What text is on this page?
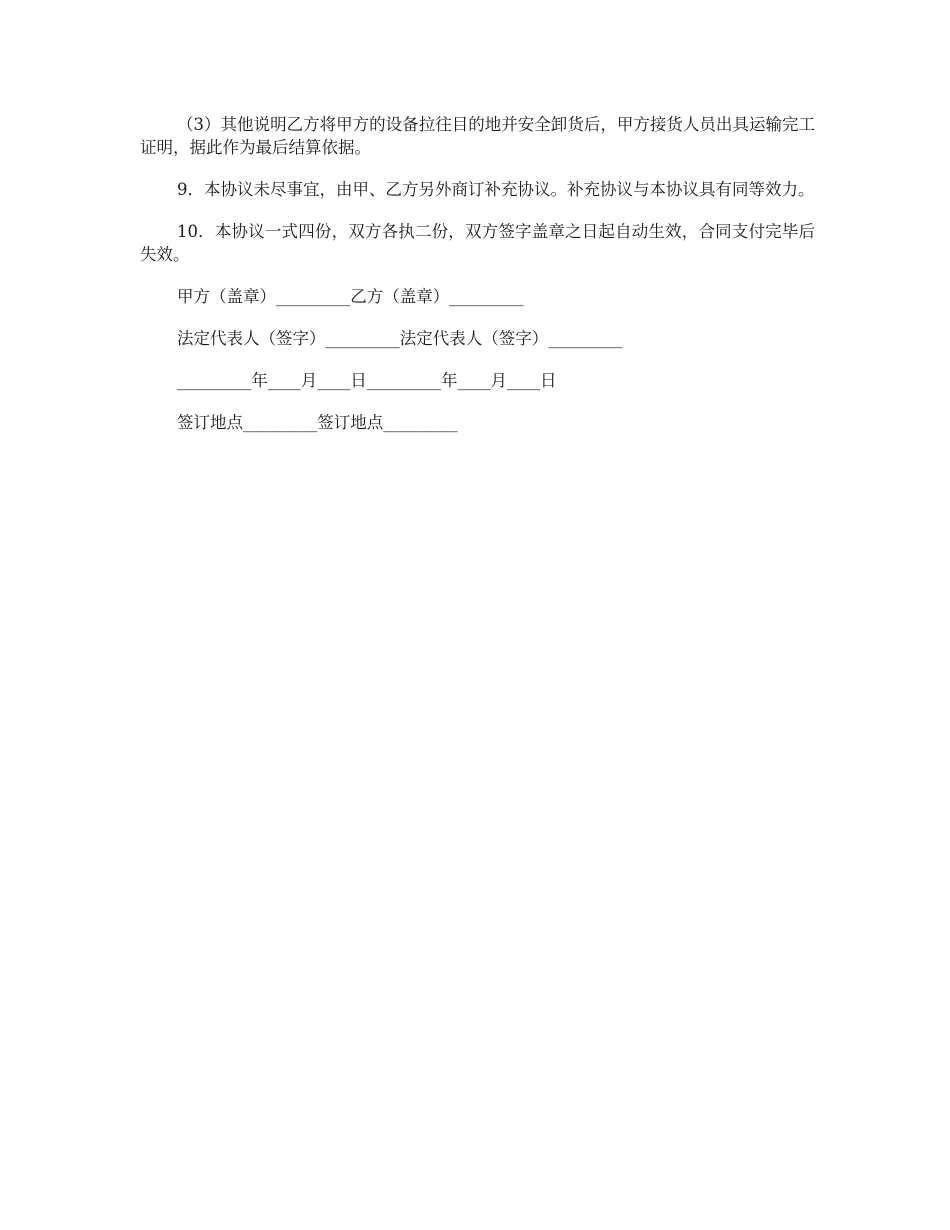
（3）其他说明乙方将甲方的设备拉往目的地并安全卸货后，甲方接货人员出具运输完工证明，据此作为最后结算依据。

9．本协议未尽事宜，由甲、乙方另外商订补充协议。补充协议与本协议具有同等效力。

10．本协议一式四份，双方各执二份，双方签字盖章之日起自动生效，合同支付完毕后失效。

甲方（盖章）_________乙方（盖章）_________
法定代表人（签字）_________法定代表人（签字）_________
_________年____月____日_________年____月____日
签订地点_________签订地点_________
